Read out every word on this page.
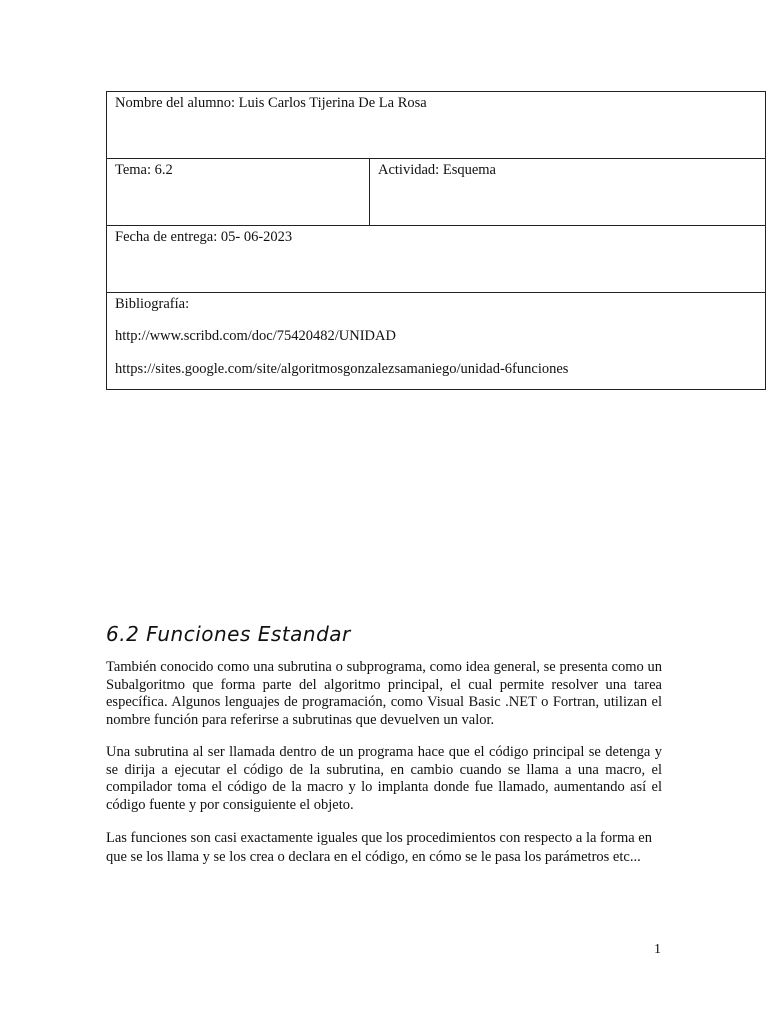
Nombre del alumno: Luis Carlos Tijerina De La Rosa
Tema: 6.2	Actividad: Esquema
Fecha de entrega: 05- 06-2023

Bibliografía:

http://www.scribd.com/doc/75420482/UNIDAD

https://sites.google.com/site/algoritmosgonzalezsamaniego/unidad-6funciones

6.2 Funciones Estandar

También conocido como una subrutina o subprograma, como idea general, se presenta como un Subalgoritmo que forma parte del algoritmo principal, el cual permite resolver una tarea específica. Algunos lenguajes de programación, como Visual Basic .NET o Fortran, utilizan el nombre función para referirse a subrutinas que devuelven un valor.

Una subrutina al ser llamada dentro de un programa hace que el código principal se detenga y se dirija a ejecutar el código de la subrutina, en cambio cuando se llama a una macro, el compilador toma el código de la macro y lo implanta donde fue llamado, aumentando así el código fuente y por consiguiente el objeto.

Las funciones son casi exactamente iguales que los procedimientos con respecto a la forma en que se los llama y se los crea o declara en el código, en cómo se le pasa los parámetros etc...

1
